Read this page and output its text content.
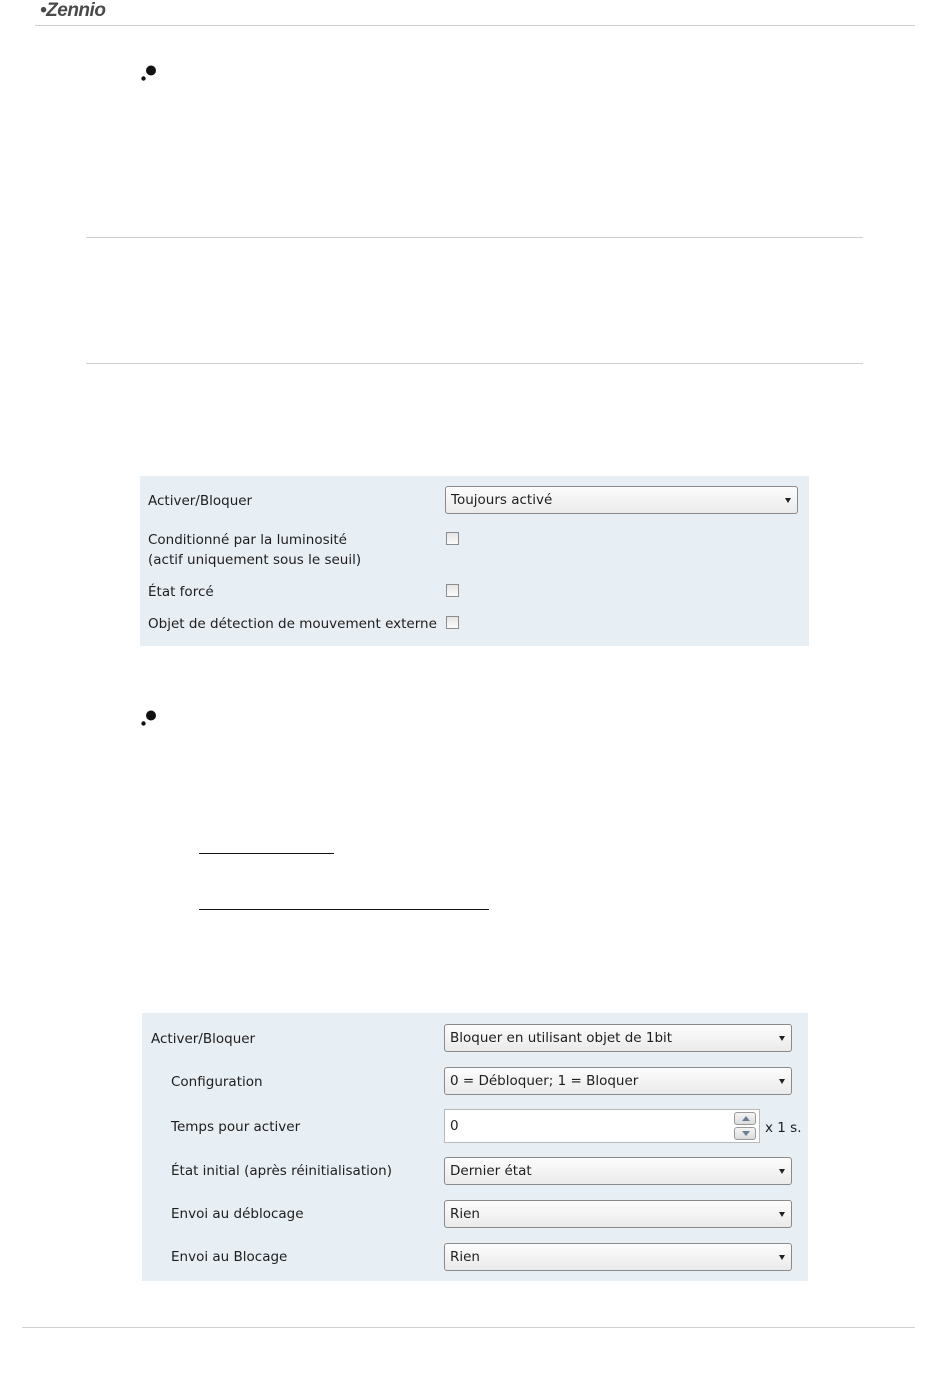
•Zennio
Activer/Bloquer	Toujours activé
Conditionné par la luminosité
(actif uniquement sous le seuil)
État forcé
Objet de détection de mouvement externe
Activer/Bloquer	Bloquer en utilisant objet de 1bit
Configuration	0 = Débloquer; 1 = Bloquer
Temps pour activer	0	x 1 s.
État initial (après réinitialisation)	Dernier état
Envoi au déblocage	Rien
Envoi au Blocage	Rien
